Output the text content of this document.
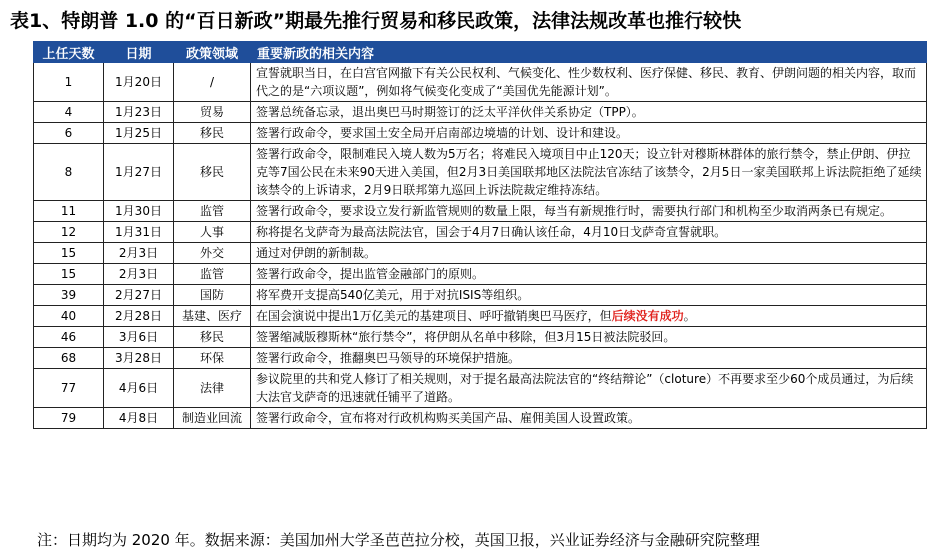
表1、特朗普 1.0 的“百日新政”期最先推行贸易和移民政策，法律法规改革也推行较快
上任天数	日期	政策领域	重要新政的相关内容
1	1月20日	/	宣誓就职当日，在白宫官网撤下有关公民权利、气候变化、性少数权利、医疗保健、移民、教育、伊朗问题的相关内容，取而代之的是“六项议题”，例如将气候变化变成了“美国优先能源计划”。
4	1月23日	贸易	签署总统备忘录，退出奥巴马时期签订的泛太平洋伙伴关系协定（TPP）。
6	1月25日	移民	签署行政命令，要求国土安全局开启南部边境墙的计划、设计和建设。
8	1月27日	移民	签署行政命令，限制难民入境人数为5万名；将难民入境项目中止120天；设立针对穆斯林群体的旅行禁令，禁止伊朗、伊拉克等7国公民在未来90天进入美国，但2月3日美国联邦地区法院法官冻结了该禁令，2月5日一家美国联邦上诉法院拒绝了延续该禁令的上诉请求，2月9日联邦第九巡回上诉法院裁定维持冻结。
11	1月30日	监管	签署行政命令，要求设立发行新监管规则的数量上限，每当有新规推行时，需要执行部门和机构至少取消两条已有规定。
12	1月31日	人事	称将提名戈萨奇为最高法院法官，国会于4月7日确认该任命，4月10日戈萨奇宣誓就职。
15	2月3日	外交	通过对伊朗的新制裁。
15	2月3日	监管	签署行政命令，提出监管金融部门的原则。
39	2月27日	国防	将军费开支提高540亿美元，用于对抗ISIS等组织。
40	2月28日	基建、医疗	在国会演说中提出1万亿美元的基建项目、呼吁撤销奥巴马医疗，但后续没有成功。
46	3月6日	移民	签署缩减版穆斯林“旅行禁令”，将伊朗从名单中移除，但3月15日被法院驳回。
68	3月28日	环保	签署行政命令，推翻奥巴马领导的环境保护措施。
77	4月6日	法律	参议院里的共和党人修订了相关规则，对于提名最高法院法官的“终结辩论”（cloture）不再要求至少60个成员通过，为后续大法官戈萨奇的迅速就任铺平了道路。
79	4月8日	制造业回流	签署行政命令，宣布将对行政机构购买美国产品、雇佣美国人设置政策。
注：日期均为 2020 年。数据来源：美国加州大学圣芭芭拉分校，英国卫报，兴业证券经济与金融研究院整理
